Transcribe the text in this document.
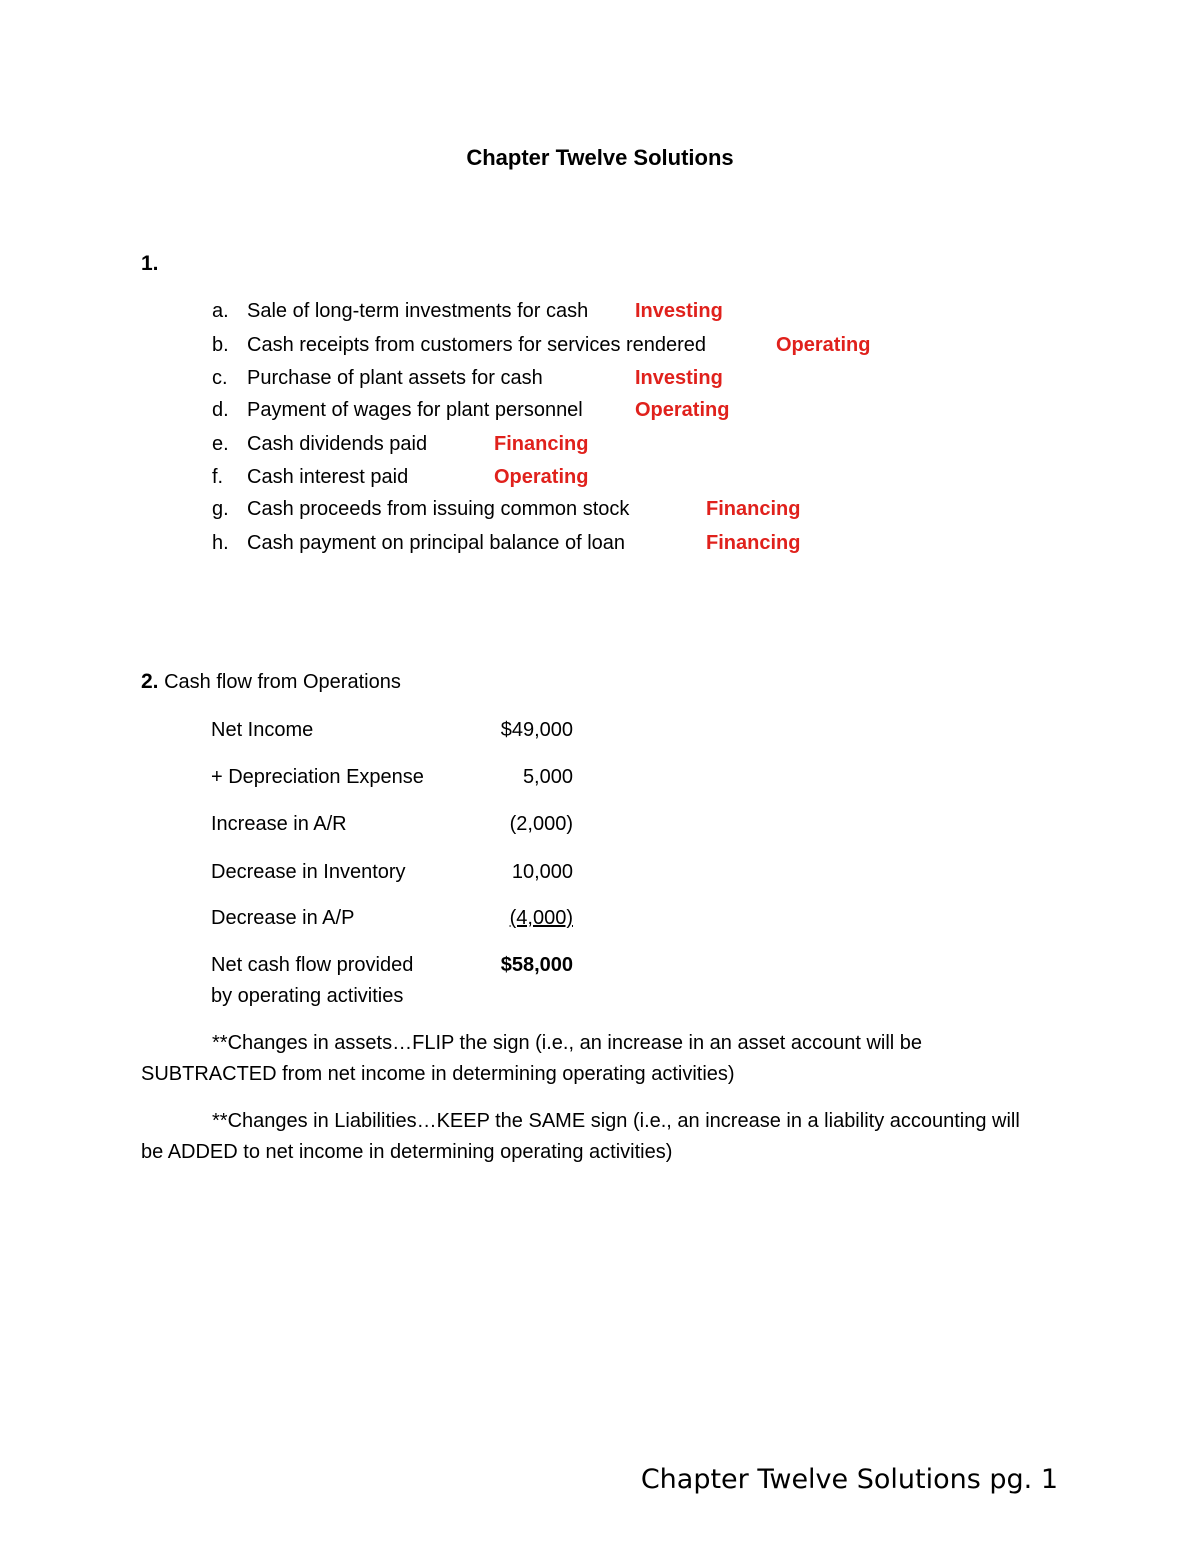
Chapter Twelve Solutions
1.
a. Sale of long-term investments for cash Investing
b. Cash receipts from customers for services rendered	Operating
c. Purchase of plant assets for cash	Investing
d. Payment of wages for plant personnel	Operating
e. Cash dividends paid	Financing
f. Cash interest paid	Operating
g. Cash proceeds from issuing common stock	Financing
h. Cash payment on principal balance of loan	Financing
2. Cash flow from Operations
Net Income	$49,000
+ Depreciation Expense	5,000
Increase in A/R	(2,000)
Decrease in Inventory	10,000
Decrease in A/P	(4,000)
Net cash flow provided	$58,000
by operating activities
**Changes in assets…FLIP the sign (i.e., an increase in an asset account will be SUBTRACTED from net income in determining operating activities)
**Changes in Liabilities…KEEP the SAME sign (i.e., an increase in a liability accounting will be ADDED to net income in determining operating activities)
Chapter Twelve Solutions pg. 1
